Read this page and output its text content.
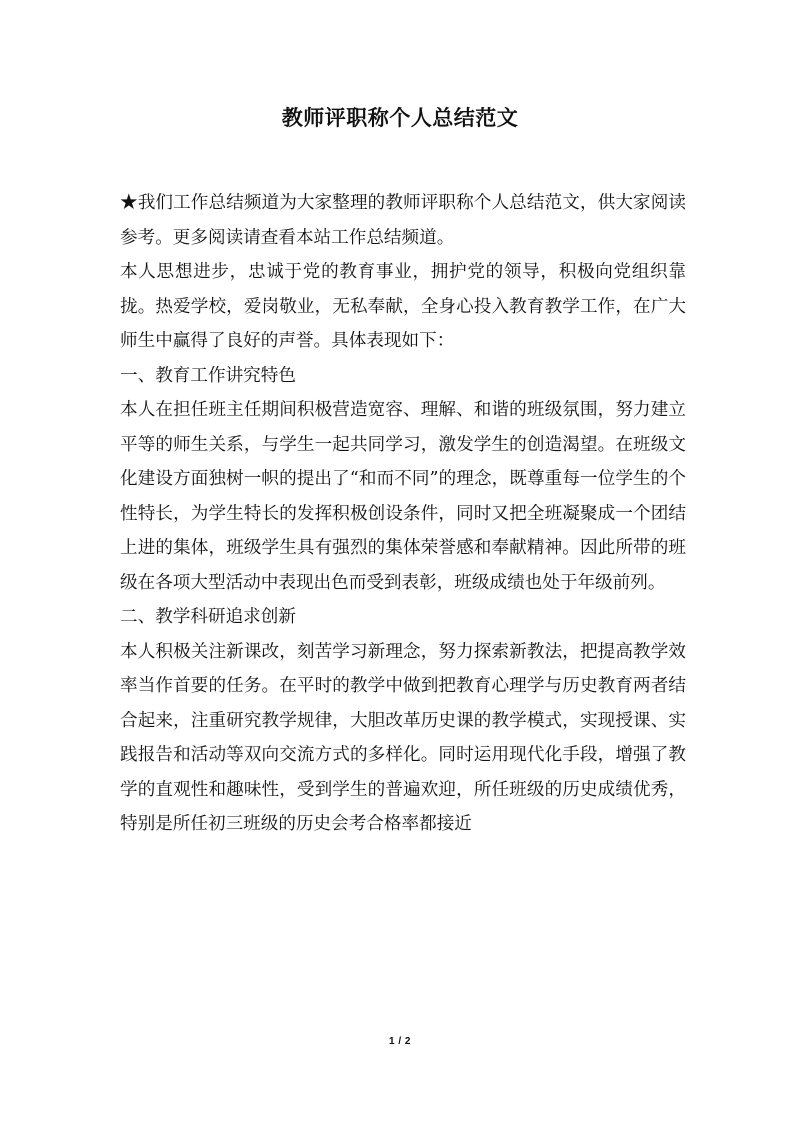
教师评职称个人总结范文

★我们工作总结频道为大家整理的教师评职称个人总结范文，供大家阅读参考。更多阅读请查看本站工作总结频道。

本人思想进步，忠诚于党的教育事业，拥护党的领导，积极向党组织靠拢。热爱学校，爱岗敬业，无私奉献，全身心投入教育教学工作，在广大师生中赢得了良好的声誉。具体表现如下：

一、教育工作讲究特色

本人在担任班主任期间积极营造宽容、理解、和谐的班级氛围，努力建立平等的师生关系，与学生一起共同学习，激发学生的创造渴望。在班级文化建设方面独树一帜的提出了“和而不同”的理念，既尊重每一位学生的个性特长，为学生特长的发挥积极创设条件，同时又把全班凝聚成一个团结上进的集体，班级学生具有强烈的集体荣誉感和奉献精神。因此所带的班级在各项大型活动中表现出色而受到表彰，班级成绩也处于年级前列。

二、教学科研追求创新

本人积极关注新课改，刻苦学习新理念，努力探索新教法，把提高教学效率当作首要的任务。在平时的教学中做到把教育心理学与历史教育两者结合起来，注重研究教学规律，大胆改革历史课的教学模式，实现授课、实践报告和活动等双向交流方式的多样化。同时运用现代化手段，增强了教学的直观性和趣味性，受到学生的普遍欢迎，所任班级的历史成绩优秀，特别是所任初三班级的历史会考合格率都接近

1 / 2
